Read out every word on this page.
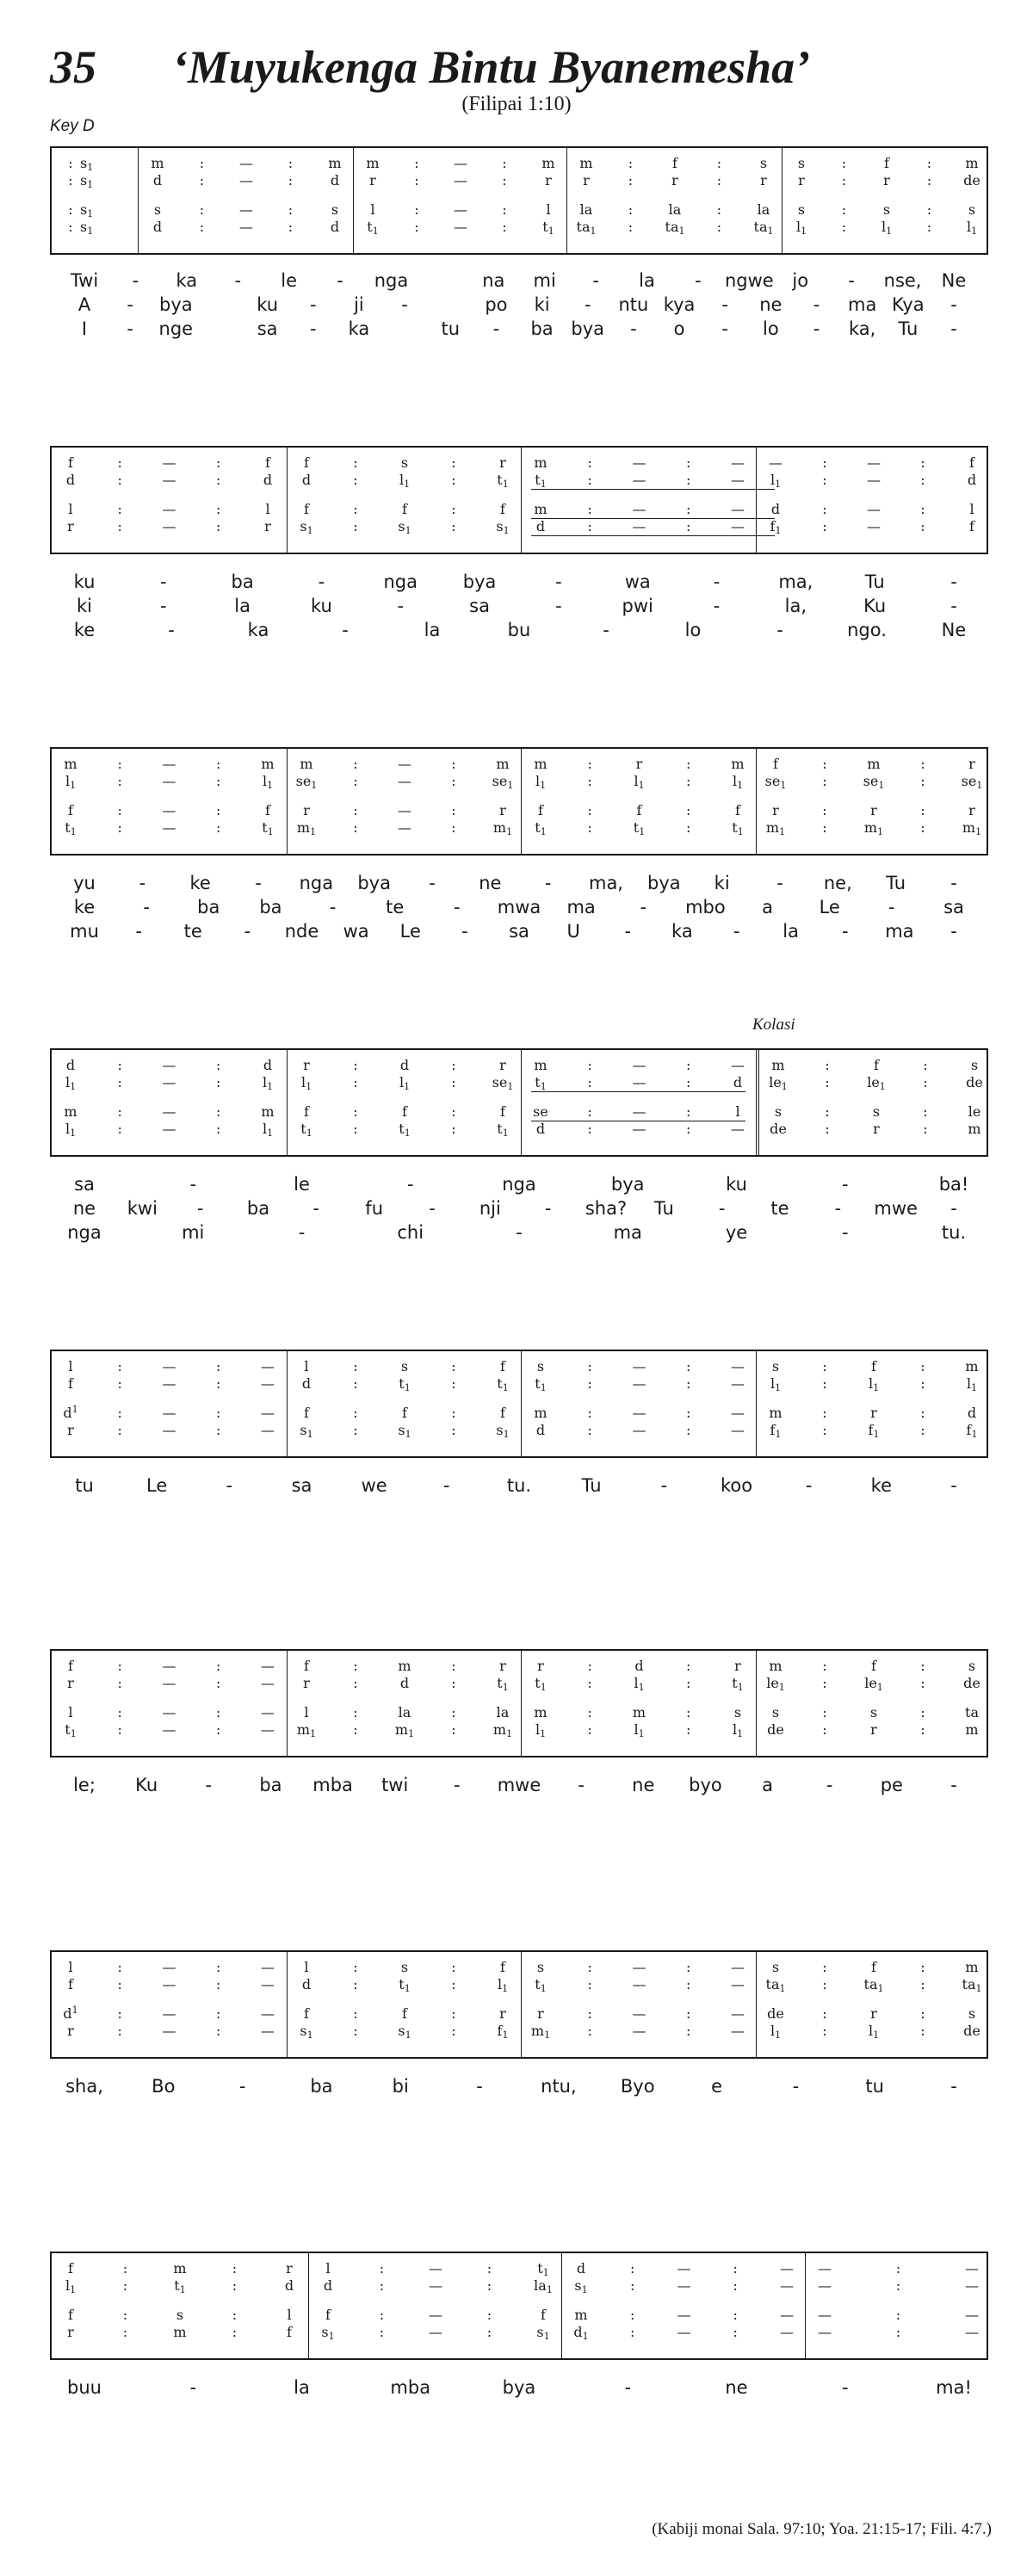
35 ‘Muyukenga Bintu Byanemesha’
(Filipai 1:10)
Key D
Kolasi
: $s_1$
: $s_1$
: $s_1$
: $s_1$
m	:	—	:	m
d	:	—	:	d
s	:	—	:	s
d	:	—	:	d
m	:	—	:	m
r	:	—	:	r
l	:	—	:	l
$t_1$	:	—	:	$t_1$
m	:	f	:	s
r	:	r	:	r
la	:	la	:	la
$ta_1$	:	$ta_1$	:	$ta_1$
s	:	f	:	m
r	:	r	:	de
s	:	s	:	s
$l_1$	:	$l_1$	:	$l_1$
Twi	-	ka	-	le	-	nga	na	mi	-	la	-	ngwe	jo	-	nse,	Ne
A	-	bya	ku	-	ji	-	po	ki	-	ntu kya	-	ne	-	ma Kya	-
I	-	nge	sa	-	ka	tu	-	ba bya	-	o	-	lo	-	ka,	Tu	-
f	:	—	:	f
d	:	—	:	d
l	:	—	:	l
r	:	—	:	r
f	:	s	:	r
d	:	$l_1$	:	$t_1$
f	:	f	:	f
$s_1$	:	$s_1$	:	$s_1$
m	:	—	:	—
$t_1$	:	—	:	—
m	:	—	:	—
d	:	—	:	—
—	:	—	:	f
$l_1$	:	—	:	d
d	:	—	:	l
$f_1$	:	—	:	f
ku	-	ba	-	nga	bya	-	wa	-	ma,	Tu	-
ki	-	la	ku	-	sa	-	pwi	-	la,	Ku	-
ke	-	ka	-	la	bu	-	lo	-	ngo.	Ne
m	:	—	:	m
$l_1$	:	—	:	$l_1$
f	:	—	:	f
$t_1$	:	—	:	$t_1$
m	:	—	:	m
$se_1$	:	—	:	$se_1$
r	:	—	:	r
$m_1$	:	—	:	$m_1$
m	:	r	:	m
$l_1$	:	$l_1$	:	$l_1$
f	:	f	:	f
$t_1$	:	$t_1$	:	$t_1$
f	:	m	:	r
$se_1$	:	$se_1$	:	$se_1$
r	:	r	:	r
$m_1$	:	$m_1$	:	$m_1$
yu	-	ke	-	nga	bya	-	ne	-	ma,	bya	ki	-	ne,	Tu	-
ke	-	ba	ba	-	te	-	mwa	ma	-	mbo	a	Le	-	sa
mu	-	te	-	nde	wa	Le	-	sa	U	-	ka	-	la	-	ma	-
d	:	—	:	d
$l_1$	:	—	:	$l_1$
m	:	—	:	m
$l_1$	:	—	:	$l_1$
r	:	d	:	r
$l_1$	:	$l_1$	:	$se_1$
f	:	f	:	f
$t_1$	:	$t_1$	:	$t_1$
m	:	—	:	—
$t_1$	:	—	:	d
se	:	—	:	l
d	:	—	:	—
m	:	f	:	s
$le_1$	:	$le_1$	:	de
s	:	s	:	le
de	:	r	:	m
sa	-	le	-	nga	bya	ku	-	ba!
ne	kwi	-	ba	-	fu	-	nji	-	sha?	Tu	-	te	-	mwe	-
nga	mi	-	chi	-	ma	ye	-	tu.
l	:	—	:	—
f	:	—	:	—
$d^1$	:	—	:	—
r	:	—	:	—
l	:	s	:	f
d	:	$t_1$	:	$t_1$
f	:	f	:	f
$s_1$	:	$s_1$	:	$s_1$
s	:	—	:	—
$t_1$	:	—	:	—
m	:	—	:	—
d	:	—	:	—
s	:	f	:	m
$l_1$	:	$l_1$	:	$l_1$
m	:	r	:	d
$f_1$	:	$f_1$	:	$f_1$
tu	Le	-	sa	we	-	tu.	Tu	-	koo	-	ke	-
f	:	—	:	—
r	:	—	:	—
l	:	—	:	—
$t_1$	:	—	:	—
f	:	m	:	r
r	:	d	:	$t_1$
l	:	la	:	la
$m_1$	:	$m_1$	:	$m_1$
r	:	d	:	r
$t_1$	:	$l_1$	:	$t_1$
m	:	m	:	s
$l_1$	:	$l_1$	:	$l_1$
m	:	f	:	s
$le_1$	:	$le_1$	:	de
s	:	s	:	ta
de	:	r	:	m
le;	Ku	-	ba	mba	twi	-	mwe	-	ne	byo	a	-	pe	-
l	:	—	:	—
f	:	—	:	—
$d^1$	:	—	:	—
r	:	—	:	—
l	:	s	:	f
d	:	$t_1$	:	$l_1$
f	:	f	:	r
$s_1$	:	$s_1$	:	$f_1$
s	:	—	:	—
$t_1$	:	—	:	—
r	:	—	:	—
$m_1$	:	—	:	—
s	:	f	:	m
$ta_1$	:	$ta_1$	:	$ta_1$
de	:	r	:	s
$l_1$	:	$l_1$	:	de
sha,	Bo	-	ba	bi	-	ntu,	Byo	e	-	tu	-
f	:	m	:	r
$l_1$	:	$t_1$	:	d
f	:	s	:	l
r	:	m	:	f
l	:	—	:	$t_1$
d	:	—	:	$la_1$
f	:	—	:	f
$s_1$	:	—	:	$s_1$
d	:	—	:	—
$s_1$	:	—	:	—
m	:	—	:	—
$d_1$	:	—	:	—
—	:	—
—	:	—
—	:	—
—	:	—
buu	-	la	mba	bya	-	ne	-	ma!
(Kabiji monai Sala. 97:10; Yoa. 21:15-17; Fili. 4:7.)
